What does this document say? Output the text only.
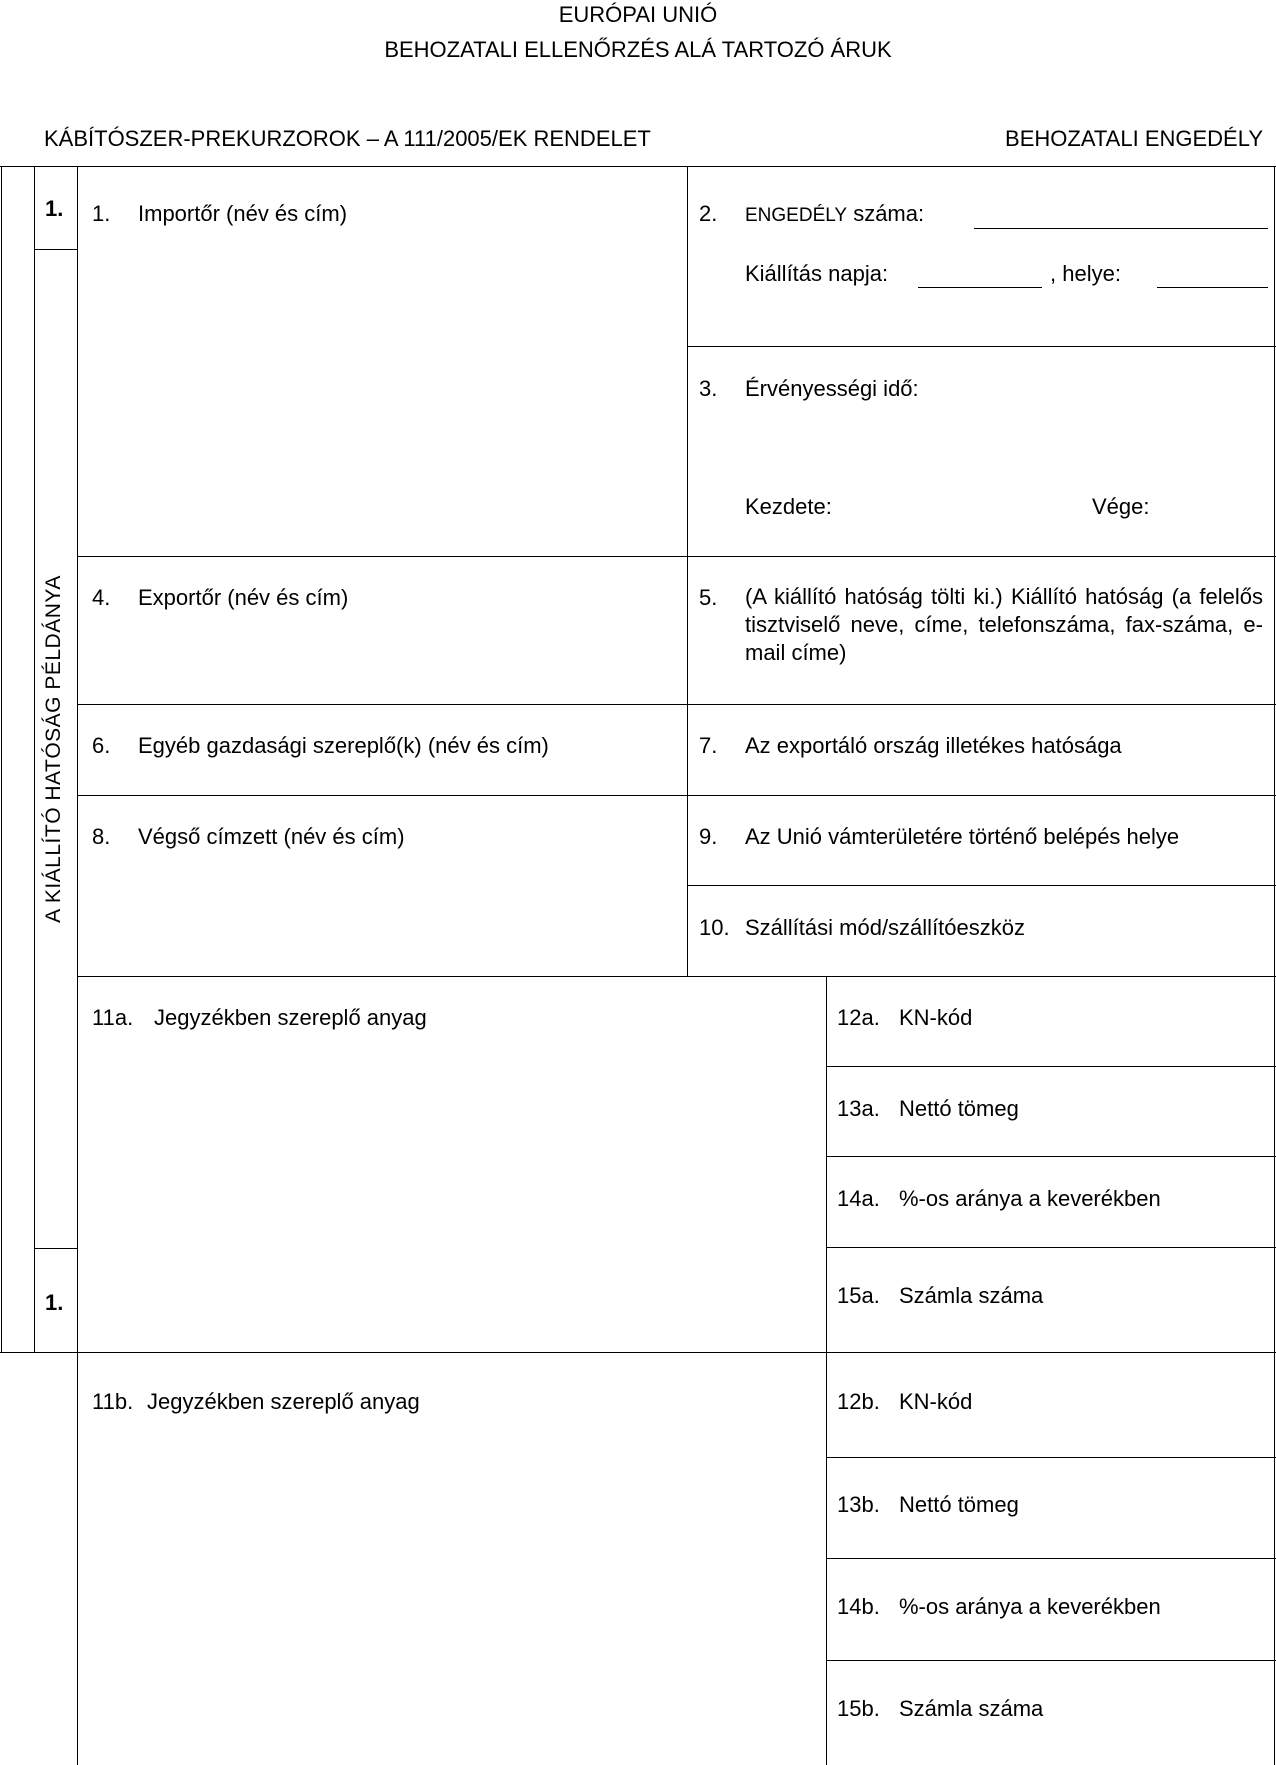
EURÓPAI UNIÓ
BEHOZATALI ELLENŐRZÉS ALÁ TARTOZÓ ÁRUK
KÁBÍTÓSZER-PREKURZOROK – A 111/2005/EK RENDELET	BEHOZATALI ENGEDÉLY
1.
1.
A KIÁLLÍTÓ HATÓSÁG PÉLDÁNYA
1. Importőr (név és cím)	2. ENGEDÉLY száma:
Kiállítás napja:	, helye:
3. Érvényességi idő:
Kezdete:	Vége:
4. Exportőr (név és cím)	5. (A kiállító hatóság tölti ki.) Kiállító hatóság (a felelős tisztviselő neve, címe, telefonszáma, fax-száma, e-mail címe)
6. Egyéb gazdasági szereplő(k) (név és cím)	7. Az exportáló ország illetékes hatósága
8. Végső címzett (név és cím)	9. Az Unió vámterületére történő belépés helye
10. Szállítási mód/szállítóeszköz
11a. Jegyzékben szereplő anyag	12a. KN-kód
13a. Nettó tömeg
14a. %-os aránya a keverékben
15a. Számla száma
11b. Jegyzékben szereplő anyag	12b. KN-kód
13b. Nettó tömeg
14b. %-os aránya a keverékben
15b. Számla száma
